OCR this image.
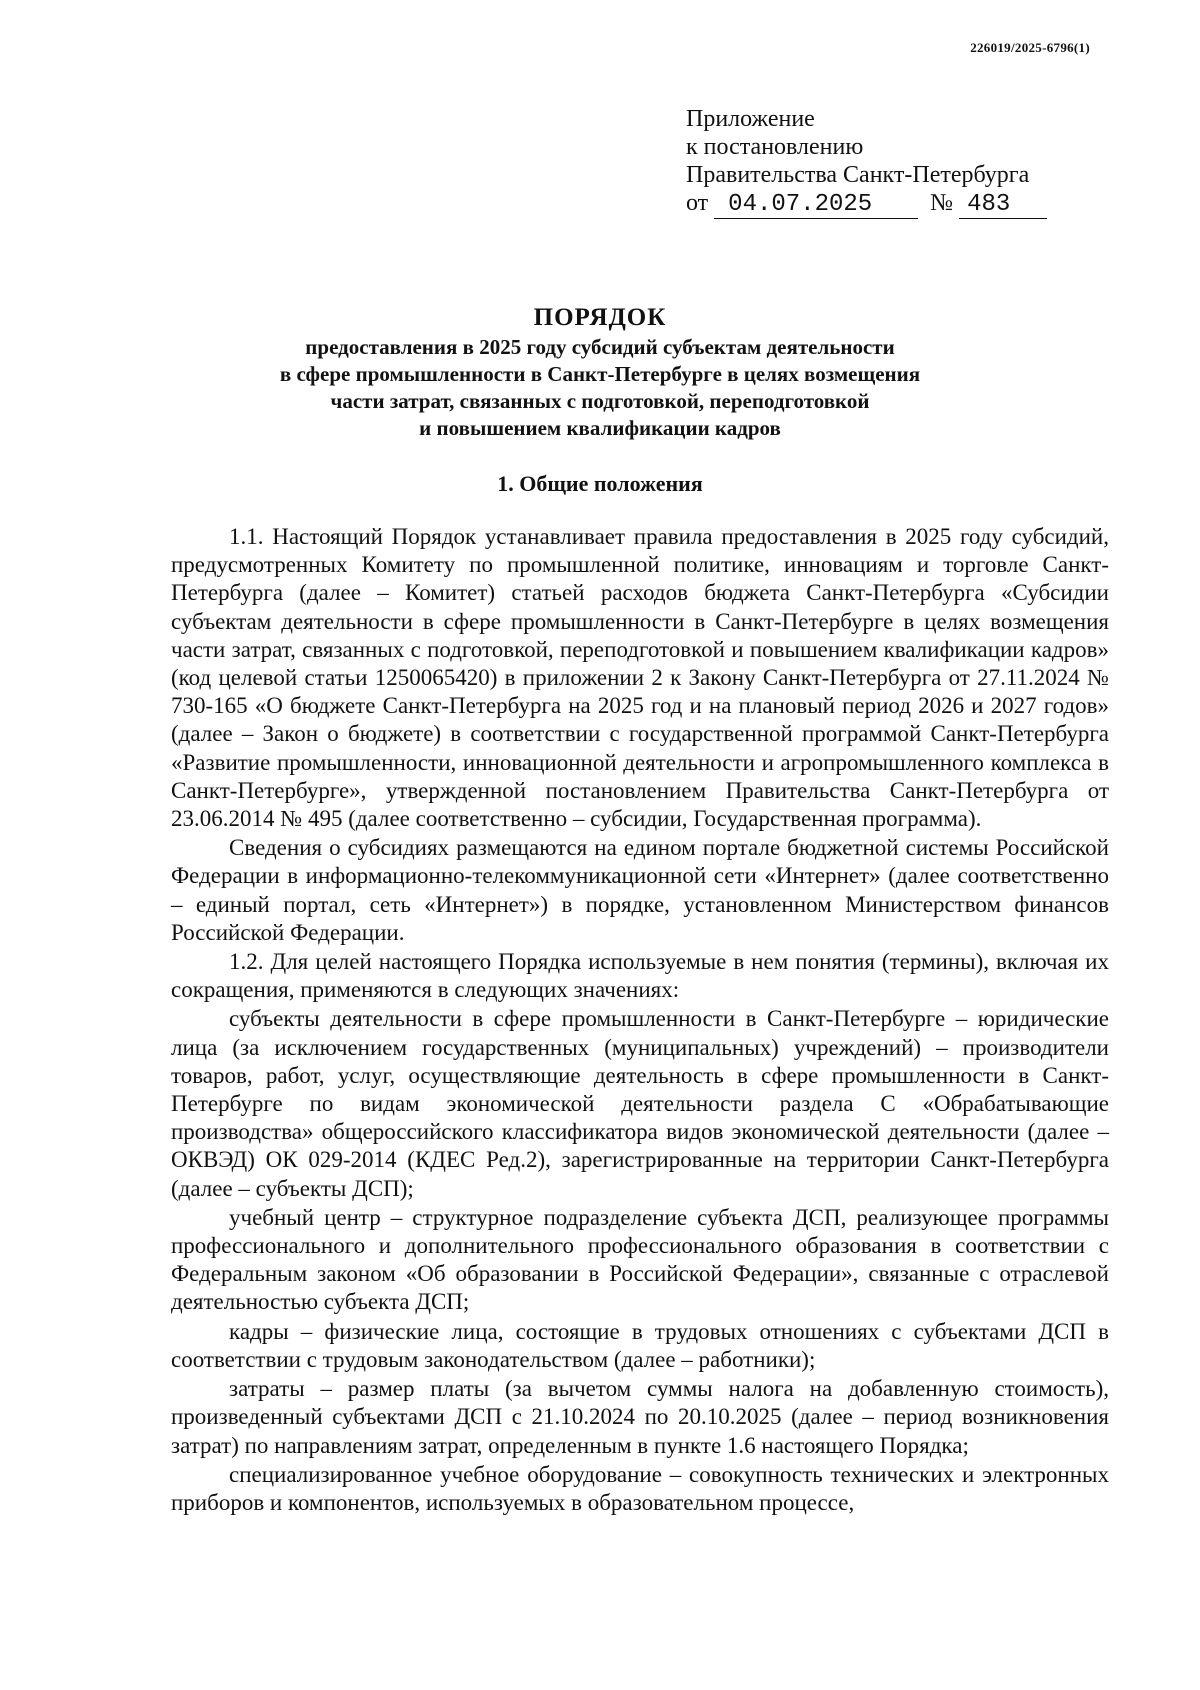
226019/2025-6796(1)
Приложение
к постановлению
Правительства Санкт-Петербурга
от 04.07.2025 № 483
ПОРЯДОК
предоставления в 2025 году субсидий субъектам деятельности
в сфере промышленности в Санкт-Петербурге в целях возмещения
части затрат, связанных с подготовкой, переподготовкой
и повышением квалификации кадров
1. Общие положения

1.1. Настоящий Порядок устанавливает правила предоставления в 2025 году субсидий, предусмотренных Комитету по промышленной политике, инновациям и торговле Санкт-Петербурга (далее – Комитет) статьей расходов бюджета Санкт-Петербурга «Субсидии субъектам деятельности в сфере промышленности в Санкт-Петербурге в целях возмещения части затрат, связанных с подготовкой, переподготовкой и повышением квалификации кадров» (код целевой статьи 1250065420) в приложении 2 к Закону Санкт-Петербурга от 27.11.2024 № 730-165 «О бюджете Санкт-Петербурга на 2025 год и на плановый период 2026 и 2027 годов» (далее – Закон о бюджете) в соответствии с государственной программой Санкт-Петербурга «Развитие промышленности, инновационной деятельности и агропромышленного комплекса в Санкт-Петербурге», утвержденной постановлением Правительства Санкт-Петербурга от 23.06.2014 № 495 (далее соответственно – субсидии, Государственная программа).

Сведения о субсидиях размещаются на едином портале бюджетной системы Российской Федерации в информационно-телекоммуникационной сети «Интернет» (далее соответственно – единый портал, сеть «Интернет») в порядке, установленном Министерством финансов Российской Федерации.

1.2. Для целей настоящего Порядка используемые в нем понятия (термины), включая их сокращения, применяются в следующих значениях:

субъекты деятельности в сфере промышленности в Санкт-Петербурге – юридические лица (за исключением государственных (муниципальных) учреждений) – производители товаров, работ, услуг, осуществляющие деятельность в сфере промышленности в Санкт-Петербурге по видам экономической деятельности раздела С «Обрабатывающие производства» общероссийского классификатора видов экономической деятельности (далее – ОКВЭД) ОК 029-2014 (КДЕС Ред.2), зарегистрированные на территории Санкт-Петербурга (далее – субъекты ДСП);

учебный центр – структурное подразделение субъекта ДСП, реализующее программы профессионального и дополнительного профессионального образования в соответствии с Федеральным законом «Об образовании в Российской Федерации», связанные с отраслевой деятельностью субъекта ДСП;

кадры – физические лица, состоящие в трудовых отношениях с субъектами ДСП в соответствии с трудовым законодательством (далее – работники);

затраты – размер платы (за вычетом суммы налога на добавленную стоимость), произведенный субъектами ДСП с 21.10.2024 по 20.10.2025 (далее – период возникновения затрат) по направлениям затрат, определенным в пункте 1.6 настоящего Порядка;

специализированное учебное оборудование – совокупность технических и электронных приборов и компонентов, используемых в образовательном процессе,
